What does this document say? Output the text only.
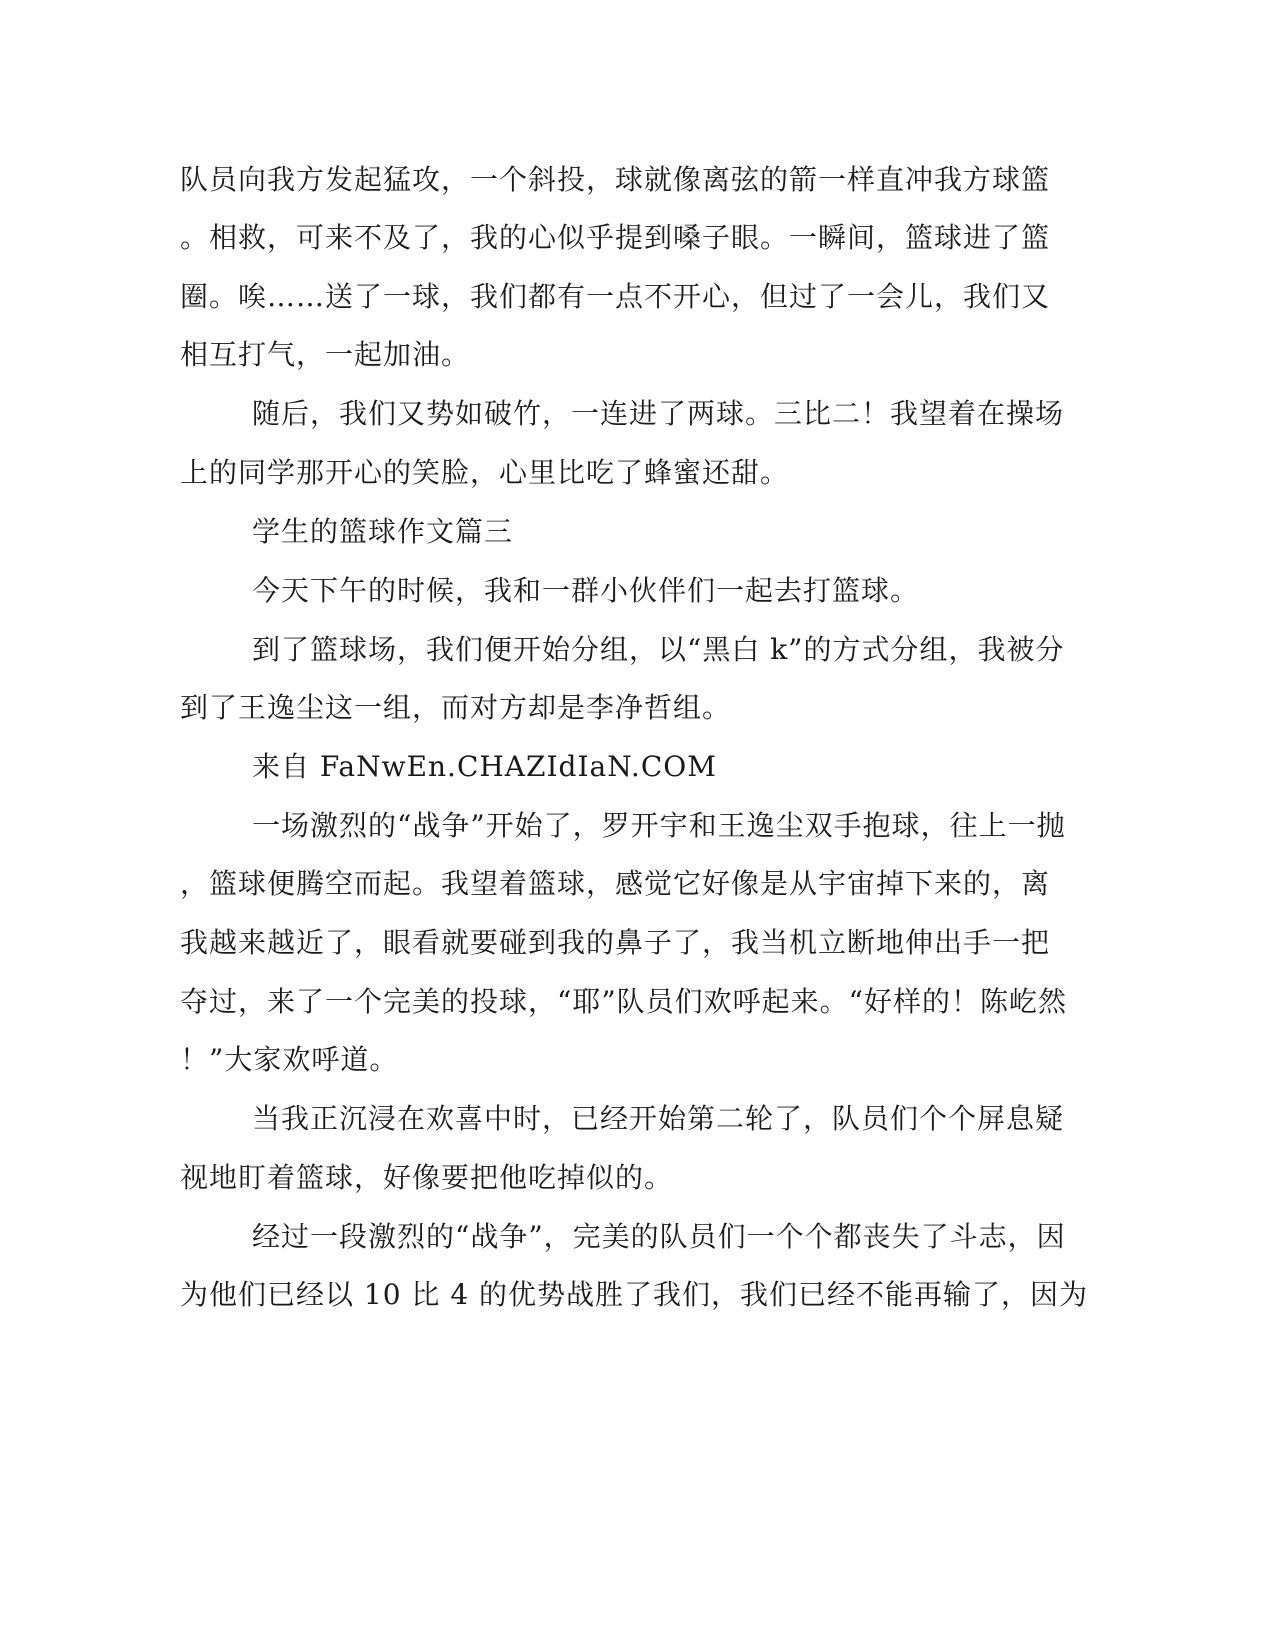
队员向我方发起猛攻，一个斜投，球就像离弦的箭一样直冲我方球篮
。相救，可来不及了，我的心似乎提到嗓子眼。一瞬间，篮球进了篮
圈。唉……送了一球，我们都有一点不开心，但过了一会儿，我们又
相互打气，一起加油。
随后，我们又势如破竹，一连进了两球。三比二！我望着在操场
上的同学那开心的笑脸，心里比吃了蜂蜜还甜。
学生的篮球作文篇三
今天下午的时候，我和一群小伙伴们一起去打篮球。
到了篮球场，我们便开始分组，以“黑白 k”的方式分组，我被分
到了王逸尘这一组，而对方却是李净哲组。
来自 FaNwEn.CHAZIdIaN.COM
一场激烈的“战争”开始了，罗开宇和王逸尘双手抱球，往上一抛
，篮球便腾空而起。我望着篮球，感觉它好像是从宇宙掉下来的，离
我越来越近了，眼看就要碰到我的鼻子了，我当机立断地伸出手一把
夺过，来了一个完美的投球，“耶”队员们欢呼起来。“好样的！陈屹然
！”大家欢呼道。
当我正沉浸在欢喜中时，已经开始第二轮了，队员们个个屏息疑
视地盯着篮球，好像要把他吃掉似的。
经过一段激烈的“战争”，完美的队员们一个个都丧失了斗志，因
为他们已经以 10 比 4 的优势战胜了我们，我们已经不能再输了，因为
